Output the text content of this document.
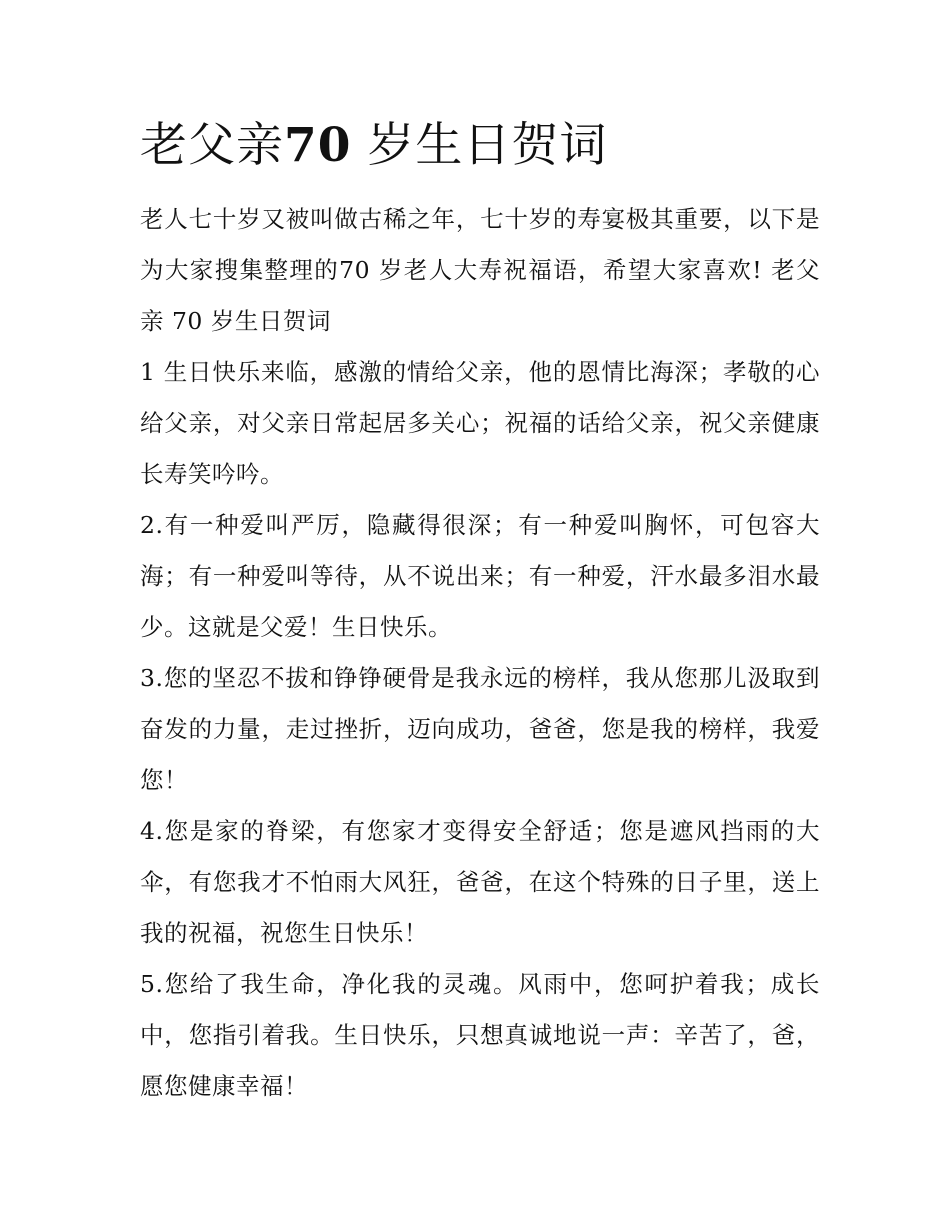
老父亲70 岁生日贺词

老人七十岁又被叫做古稀之年，七十岁的寿宴极其重要，以下是为大家搜集整理的70 岁老人大寿祝福语，希望大家喜欢! 老父亲 70 岁生日贺词

1 生日快乐来临，感激的情给父亲，他的恩情比海深；孝敬的心给父亲，对父亲日常起居多关心；祝福的话给父亲，祝父亲健康长寿笑吟吟。

2.有一种爱叫严厉，隐藏得很深；有一种爱叫胸怀，可包容大海；有一种爱叫等待，从不说出来；有一种爱，汗水最多泪水最少。这就是父爱！生日快乐。

3.您的坚忍不拔和铮铮硬骨是我永远的榜样，我从您那儿汲取到奋发的力量，走过挫折，迈向成功，爸爸，您是我的榜样，我爱您！

4.您是家的脊梁，有您家才变得安全舒适；您是遮风挡雨的大伞，有您我才不怕雨大风狂，爸爸，在这个特殊的日子里，送上我的祝福，祝您生日快乐！

5.您给了我生命，净化我的灵魂。风雨中，您呵护着我；成长中，您指引着我。生日快乐，只想真诚地说一声：辛苦了，爸，愿您健康幸福！
